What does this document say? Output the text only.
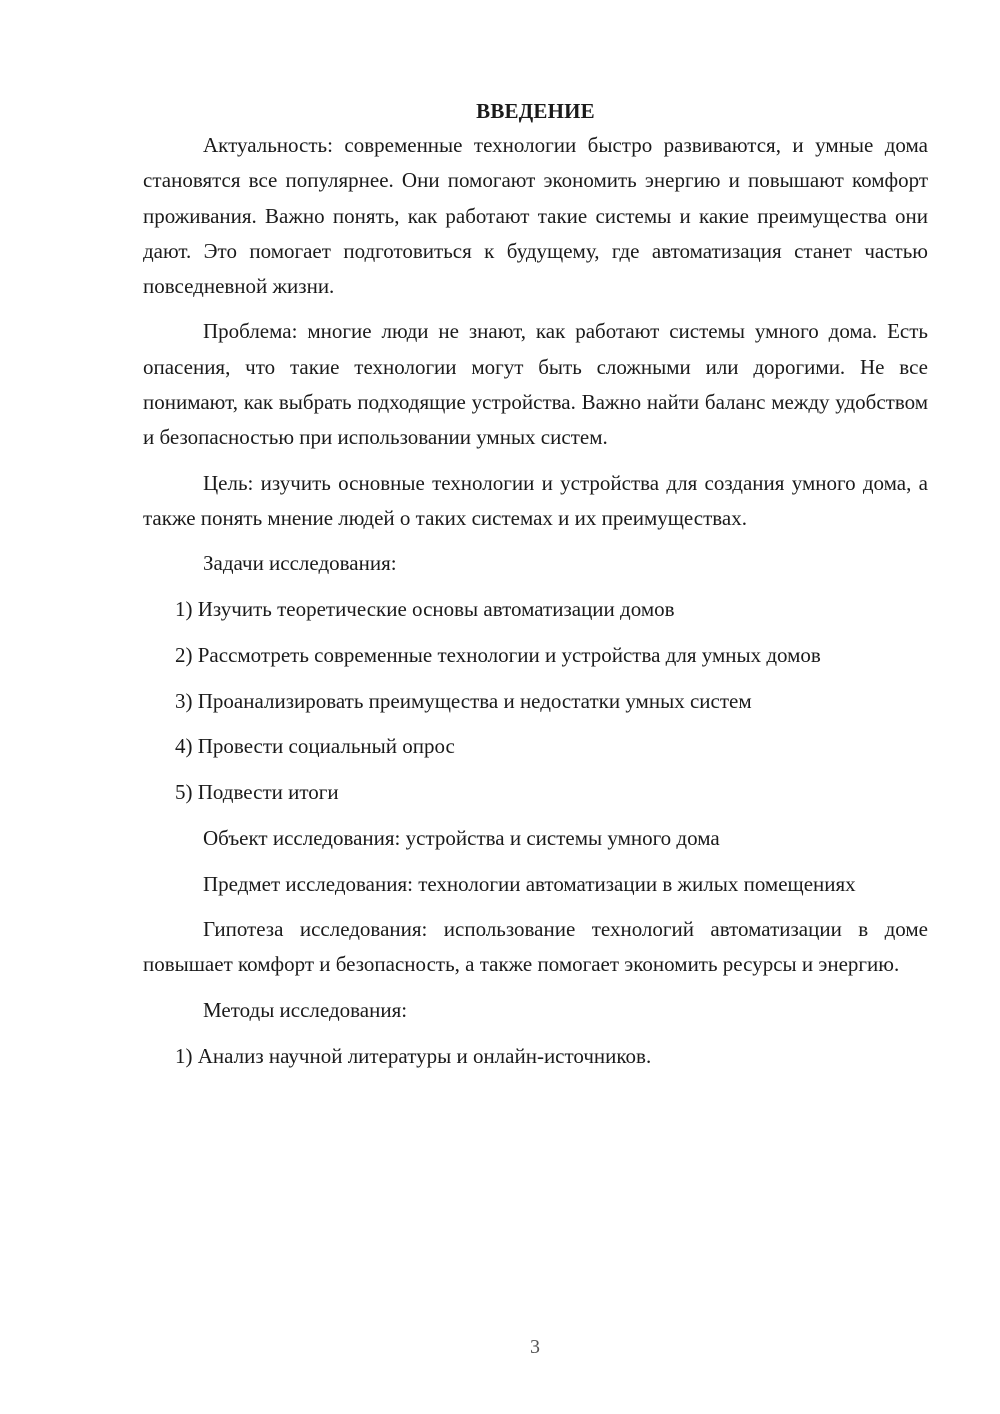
ВВЕДЕНИЕ
Актуальность: современные технологии быстро развиваются, и умные дома становятся все популярнее. Они помогают экономить энергию и повышают комфорт проживания. Важно понять, как работают такие системы и какие преимущества они дают. Это помогает подготовиться к будущему, где автоматизация станет частью повседневной жизни.
Проблема: многие люди не знают, как работают системы умного дома. Есть опасения, что такие технологии могут быть сложными или дорогими. Не все понимают, как выбрать подходящие устройства. Важно найти баланс между удобством и безопасностью при использовании умных систем.
Цель: изучить основные технологии и устройства для создания умного дома, а также понять мнение людей о таких системах и их преимуществах.
Задачи исследования:
1) Изучить теоретические основы автоматизации домов
2) Рассмотреть современные технологии и устройства для умных домов
3) Проанализировать преимущества и недостатки умных систем
4) Провести социальный опрос
5) Подвести итоги
Объект исследования: устройства и системы умного дома
Предмет исследования: технологии автоматизации в жилых помещениях
Гипотеза исследования: использование технологий автоматизации в доме повышает комфорт и безопасность, а также помогает экономить ресурсы и энергию.
Методы исследования:
1) Анализ научной литературы и онлайн-источников.
3
